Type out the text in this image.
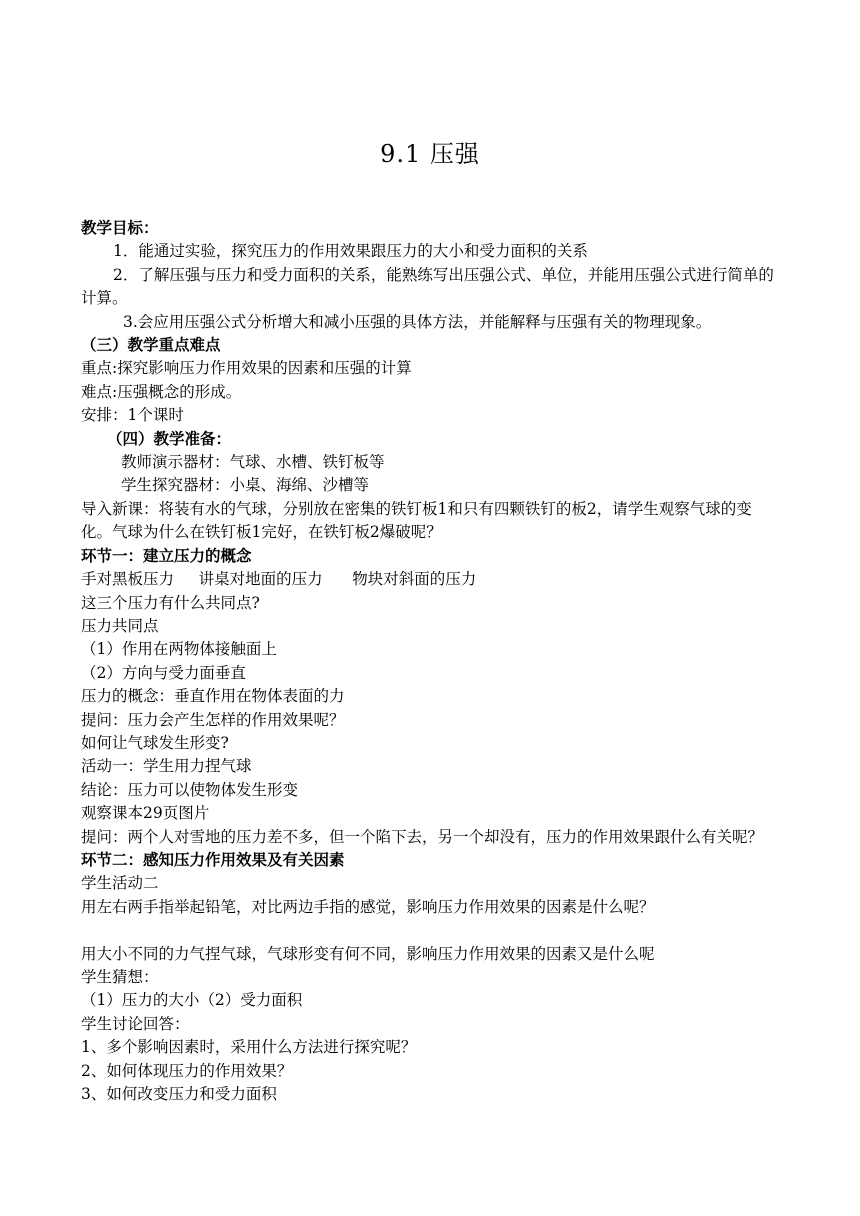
9.1 压强

教学目标：

1．能通过实验，探究压力的作用效果跟压力的大小和受力面积的关系

2．了解压强与压力和受力面积的关系，能熟练写出压强公式、单位，并能用压强公式进行简单的计算。

3.会应用压强公式分析增大和减小压强的具体方法，并能解释与压强有关的物理现象。

（三）教学重点难点

重点:探究影响压力作用效果的因素和压强的计算

难点:压强概念的形成。

安排：1个课时

（四）教学准备：

教师演示器材：气球、水槽、铁钉板等

学生探究器材：小桌、海绵、沙槽等

导入新课：将装有水的气球，分别放在密集的铁钉板1和只有四颗铁钉的板2，请学生观察气球的变化。气球为什么在铁钉板1完好，在铁钉板2爆破呢？

环节一：建立压力的概念

手对黑板压力     讲桌对地面的压力      物块对斜面的压力

这三个压力有什么共同点?

压力共同点

（1）作用在两物体接触面上

（2）方向与受力面垂直

压力的概念：垂直作用在物体表面的力

提问：压力会产生怎样的作用效果呢？

如何让气球发生形变?

活动一：学生用力捏气球

结论：压力可以使物体发生形变

观察课本29页图片

提问：两个人对雪地的压力差不多，但一个陷下去，另一个却没有，压力的作用效果跟什么有关呢？

环节二：感知压力作用效果及有关因素

学生活动二

用左右两手指举起铅笔，对比两边手指的感觉，影响压力作用效果的因素是什么呢？

用大小不同的力气捏气球，气球形变有何不同，影响压力作用效果的因素又是什么呢

学生猜想：

（1）压力的大小（2）受力面积

学生讨论回答：

1、多个影响因素时，采用什么方法进行探究呢？

2、如何体现压力的作用效果？

3、如何改变压力和受力面积
